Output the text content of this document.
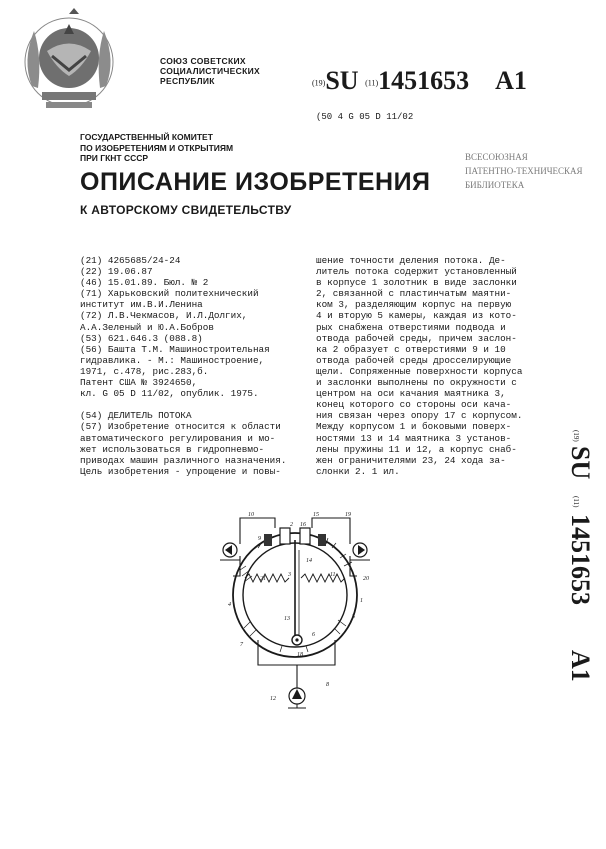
СОЮЗ СОВЕТСКИХ
СОЦИАЛИСТИЧЕСКИХ
РЕСПУБЛИК	(19)SU (11)1451653 A1
(50 4 G 05 D 11/02
ВСЕСОЮЗНАЯ
ПАТЕНТНО-ТЕХНИЧЕСКАЯ
БИБЛИОТЕКА
ГОСУДАРСТВЕННЫЙ КОМИТЕТ
ПО ИЗОБРЕТЕНИЯМ И ОТКРЫТИЯМ
ПРИ ГКНТ СССР
ОПИСАНИЕ ИЗОБРЕТЕНИЯ
К АВТОРСКОМУ СВИДЕТЕЛЬСТВУ
(21) 4265685/24-24
(22) 19.06.87
(46) 15.01.89. Бюл. № 2
(71) Харьковский политехнический
институт им.В.И.Ленина
(72) Л.В.Чекмасов, И.Л.Долгих,
А.А.Зеленый и Ю.А.Бобров
(53) 621.646.3 (088.8)
(56) Башта Т.М. Машиностроительная
гидравлика. - М.: Машиностроение,
1971, с.478, рис.283,б.
Патент США № 3924650,
кл. G 05 D 11/02, опублик. 1975.
(54) ДЕЛИТЕЛЬ ПОТОКА
(57) Изобретение относится к области
автоматического регулирования и мо-
жет использоваться в гидропневмо-
приводах машин различного назначения.
Цель изобретения - упрощение и повы-
шение точности деления потока. Де-
литель потока содержит установленный
в корпусе 1 золотник в виде заслонки
2, связанной с пластинчатым маятни-
ком 3, разделяющим корпус на первую
4 и вторую 5 камеры, каждая из кото-
рых снабжена отверстиями подвода и
отвода рабочей среды, причем заслон-
ка 2 образует с отверстиями 9 и 10
отвода рабочей среды дросселирующие
щели. Сопряженные поверхности корпуса
и заслонки выполнены по окружности с
центром на оси качания маятника 3,
конец которого со стороны оси кача-
ния связан через опору 17 с корпусом.
Между корпусом 1 и боковыми поверх-
ностями 13 и 14 маятника 3 установ-
лены пружины 11 и 12, а корпус снаб-
жен ограничителями 23, 24 хода за-
слонки 2. 1 ил.
(19)
SU
(11)
1451653
A1
10	15	19
9
2 16
20
11
21
14
3
1
4
5
13
6
7
12
8
18
